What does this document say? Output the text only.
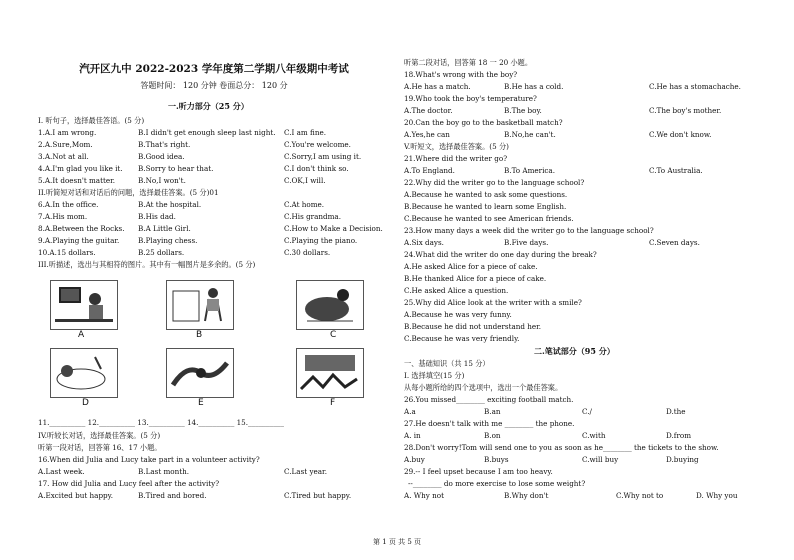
汽开区九中 2022-2023 学年度第二学期八年级期中考试
答题时间： 120 分钟 卷面总分： 120 分
一.听力部分（25 分）
I. 听句子，选择最佳答语。(5 分)
1.A.I am wrong.	B.I didn't get enough sleep last night. C.I am fine.
2.A.Sure,Mom.	B.That's right.	C.You're welcome.
3.A.Not at all.	B.Good idea.	C.Sorry,I am using it.
4.A.I'm glad you like it. B.Sorry to hear that.	C.I don't think so.
5.A.It doesn't matter.	B.No,I won't.	C.OK,I will.
II.听简短对话和对话后的问题，选择最佳答案。(5 分)01
6.A.In the office.	B.At the hospital.	C.At home.
7.A.His mom.	B.His dad.	C.His grandma.
8.A.Between the Rocks. B.A Little Girl.	C.How to Make a Decision.
9.A.Playing the guitar.	B.Playing chess.	C.Playing the piano.
10.A.15 dollars.	B.25 dollars.	C.30 dollars.
III.听描述，选出与其相符的图片。其中有一幅图片是多余的。(5 分)
A	B	C
D	E	F
11.__________ 12.__________ 13.__________ 14.__________ 15.__________
IV.听较长对话，选择最佳答案。(5 分)
听第一段对话，回答第 16、17 小题。
16.When did Julia and Lucy take part in a volunteer activity?
A.Last week.	B.Last month.	C.Last year.
17. How did Julia and Lucy feel after the activity?
A.Excited but happy.	B.Tired and bored.	C.Tired but happy.
听第二段对话，回答第 18 一 20 小题。
18.What's wrong with the boy?
A.He has a match.	B.He has a cold.	C.He has a stomachache.
19.Who took the boy's temperature?
A.The doctor.	B.The boy.	C.The boy's mother.
20.Can the boy go to the basketball match?
A.Yes,he can	B.No,he can't.	C.We don't know.
V.听短文，选择最佳答案。(5 分)
21.Where did the writer go?
A.To England.	B.To America.	C.To Australia.
22.Why did the writer go to the language school?
A.Because he wanted to ask some questions.
B.Because he wanted to learn some English.
C.Because he wanted to see American friends.
23.How many days a week did the writer go to the language school?
A.Six days.	B.Five days.	C.Seven days.
24.What did the writer do one day during the break?
A.He asked Alice for a piece of cake.
B.He thanked Alice for a piece of cake.
C.He asked Alice a question.
25.Why did Alice look at the writer with a smile?
A.Because he was very funny.
B.Because he did not understand her.
C.Because he was very friendly.
二.笔试部分（95 分）
一、基础知识（共 15 分）
I. 选择填空(15 分)
从每小题所给的四个选项中，选出一个最佳答案。
26.You missed________ exciting football match.
A.a	B.an	C./	D.the
27.He doesn't talk with me ________ the phone.
A. in	B.on	C.with	D.from
28.Don't worry!Tom will send one to you as soon as he________ the tickets to the show.
A.buy	B.buys	C.will buy	D.buying
29.-- I feel upset because I am too heavy.
--________ do more exercise to lose some weight?
A. Why not	B.Why don't	C.Why not to	D. Why you
第 1 页 共 5 页
